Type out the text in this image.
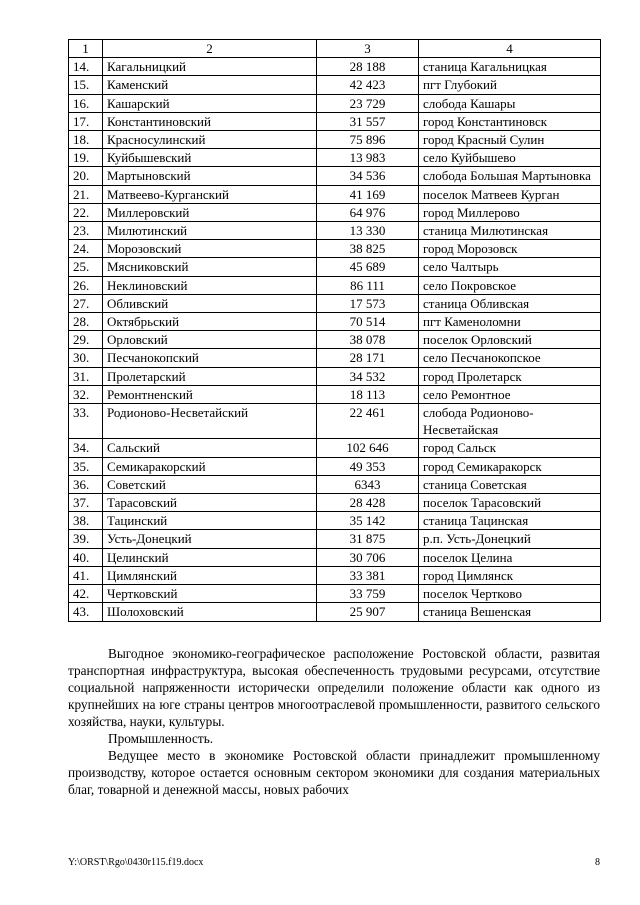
1	2	3	4
14.	Кагальницкий	28 188	станица Кагальницкая
15.	Каменский	42 423	пгт Глубокий
16.	Кашарский	23 729	слобода Кашары
17.	Константиновский	31 557	город Константиновск
18.	Красносулинский	75 896	город Красный Сулин
19.	Куйбышевский	13 983	село Куйбышево
20.	Мартыновский	34 536	слобода Большая Мартыновка
21.	Матвеево-Курганский	41 169	поселок Матвеев Курган
22.	Миллеровский	64 976	город Миллерово
23.	Милютинский	13 330	станица Милютинская
24.	Морозовский	38 825	город Морозовск
25.	Мясниковский	45 689	село Чалтырь
26.	Неклиновский	86 111	село Покровское
27.	Обливский	17 573	станица Обливская
28.	Октябрьский	70 514	пгт Каменоломни
29.	Орловский	38 078	поселок Орловский
30.	Песчанокопский	28 171	село Песчанокопское
31.	Пролетарский	34 532	город Пролетарск
32.	Ремонтненский	18 113	село Ремонтное
33.	Родионово-Несветайский	22 461	слобода Родионово-Несветайская
34.	Сальский	102 646	город Сальск
35.	Семикаракорский	49 353	город Семикаракорск
36.	Советский	6343	станица Советская
37.	Тарасовский	28 428	поселок Тарасовский
38.	Тацинский	35 142	станица Тацинская
39.	Усть-Донецкий	31 875	р.п. Усть-Донецкий
40.	Целинский	30 706	поселок Целина
41.	Цимлянский	33 381	город Цимлянск
42.	Чертковский	33 759	поселок Чертково
43.	Шолоховский	25 907	станица Вешенская

Выгодное экономико-географическое расположение Ростовской области, развитая транспортная инфраструктура, высокая обеспеченность трудовыми ресурсами, отсутствие социальной напряженности исторически определили положение области как одного из крупнейших на юге страны центров многоотраслевой промышленности, развитого сельского хозяйства, науки, культуры.

Промышленность.

Ведущее место в экономике Ростовской области принадлежит промышленному производству, которое остается основным сектором экономики для создания материальных благ, товарной и денежной массы, новых рабочих

Y:\ORST\Rgo\0430r115.f19.docx	8
